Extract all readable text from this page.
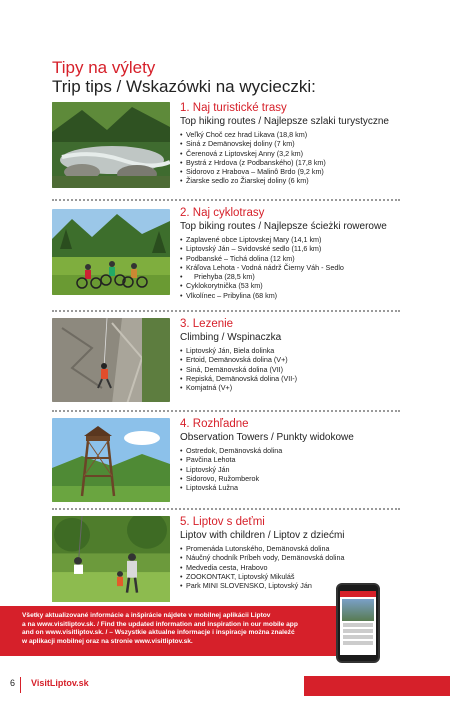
Tipy na výlety
Trip tips / Wskazówki na wycieczki:
1. Naj turistické trasy
Top hiking routes / Najlepsze szlaki turystyczne
• Veľký Choč cez hrad Likava (18,8 km)
• Siná z Demänovskej doliny (7 km)
• Čerenová z Liptovskej Anny (3,2 km)
• Bystrá z Hrdova (z Podbanského) (17,8 km)
• Sidorovo z Hrabova – Malinô Brdo (9,2 km)
• Žiarske sedlo zo Žiarskej doliny (6 km)
2. Naj cyklotrasy
Top biking routes / Najlepsze ścieżki rowerowe
• Zaplavené obce Liptovskej Mary (14,1 km)
• Liptovský Ján – Svidovské sedlo (11,6 km)
• Podbanské – Tichá dolina (12 km)
• Kráľova Lehota - Vodná nádrž Čierny Váh - Sedlo
• Priehyba (28,5 km)
• Cyklokorytnička (53 km)
• Vlkolínec – Pribylina (68 km)
3. Lezenie
Climbing / Wspinaczka
• Liptovský Ján, Biela dolinka
• Ertoid, Demänovská dolina (V+)
• Siná, Demänovská dolina (VII)
• Repiská, Demänovská dolina (VII-)
• Komjatná (V+)
4. Rozhľadne
Observation Towers / Punkty widokowe
• Ostredok, Demänovská dolina
• Pavčina Lehota
• Liptovský Ján
• Sidorovo, Ružomberok
• Liptovská Lužna
5. Liptov s deťmi
Liptov with children / Liptov z dziećmi
• Promenáda Lutonského, Demänovská dolina
• Náučný chodník Príbeh vody, Demänovská dolina
• Medvedia cesta, Hrabovo
• ZOOKONTAKT, Liptovský Mikuláš
• Park MINI SLOVENSKO, Liptovský Ján
Všetky aktualizované informácie a inšpirácie nájdete v mobilnej aplikácii Liptov
a na www.visitliptov.sk. / Find the updated information and inspiration in our mobile app
and on www.visitliptov.sk. / – Wszystkie aktualne informacje i inspiracje można znaleźć
w aplikacji mobilnej oraz na stronie www.visitliptov.sk.
6 VisitLiptov.sk
